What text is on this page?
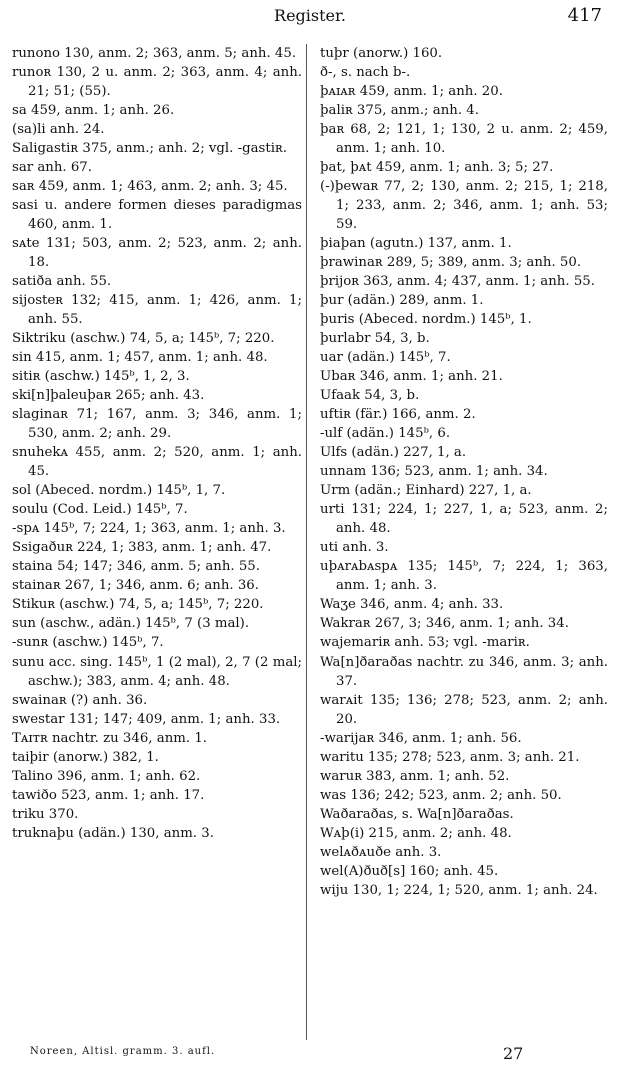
Register.	417
runono 130, anm. 2; 363, anm. 5; anh. 45.
runoʀ 130, 2 u. anm. 2; 363, anm. 4; anh. 21; 51; (55).
sa 459, anm. 1; anh. 26.
(sa)li anh. 24.
Saligastiʀ 375, anm.; anh. 2; vgl. -gastiʀ.
sar anh. 67.
saʀ 459, anm. 1; 463, anm. 2; anh. 3; 45.
sasi u. andere formen dieses paradigmas 460, anm. 1.
sᴀte 131; 503, anm. 2; 523, anm. 2; anh. 18.
satiða anh. 55.
sijosteʀ 132; 415, anm. 1; 426, anm. 1; anh. 55.
Siktriku (aschw.) 74, 5, a; 145ᵇ, 7; 220.
sin 415, anm. 1; 457, anm. 1; anh. 48.
sitiʀ (aschw.) 145ᵇ, 1, 2, 3.
ski[n]þaleuþaʀ 265; anh. 43.
slaginaʀ 71; 167, anm. 3; 346, anm. 1; 530, anm. 2; anh. 29.
snuhekᴀ 455, anm. 2; 520, anm. 1; anh. 45.
sol (Abeced. nordm.) 145ᵇ, 1, 7.
soulu (Cod. Leid.) 145ᵇ, 7.
-spᴀ 145ᵇ, 7; 224, 1; 363, anm. 1; anh. 3.
Ssigaðuʀ 224, 1; 383, anm. 1; anh. 47.
staina 54; 147; 346, anm. 5; anh. 55.
stainaʀ 267, 1; 346, anm. 6; anh. 36.
Stikuʀ (aschw.) 74, 5, a; 145ᵇ, 7; 220.
sun (aschw., adän.) 145ᵇ, 7 (3 mal).
-sunʀ (aschw.) 145ᵇ, 7.
sunu acc. sing. 145ᵇ, 1 (2 mal), 2, 7 (2 mal; aschw.); 383, anm. 4; anh. 48.
swainaʀ (?) anh. 36.
swestar 131; 147; 409, anm. 1; anh. 33.
Tᴀɪᴛʀ nachtr. zu 346, anm. 1.
taiþir (anorw.) 382, 1.
Talino 396, anm. 1; anh. 62.
tawiðo 523, anm. 1; anh. 17.
triku 370.
truknaþu (adän.) 130, anm. 3.
tuþr (anorw.) 160.
ð-, s. nach b-.
þᴀɪᴀʀ 459, anm. 1; anh. 20.
þaliʀ 375, anm.; anh. 4.
þaʀ 68, 2; 121, 1; 130, 2 u. anm. 2; 459, anm. 1; anh. 10.
þat, þᴀt 459, anm. 1; anh. 3; 5; 27.
(-)þewaʀ 77, 2; 130, anm. 2; 215, 1; 218, 1; 233, anm. 2; 346, anm. 1; anh. 53; 59.
þiaþan (agutn.) 137, anm. 1.
þrawinaʀ 289, 5; 389, anm. 3; anh. 50.
þrijoʀ 363, anm. 4; 437, anm. 1; anh. 55.
þur (adän.) 289, anm. 1.
þuris (Abeced. nordm.) 145ᵇ, 1.
þurlabr 54, 3, b.
uar (adän.) 145ᵇ, 7.
Ubaʀ 346, anm. 1; anh. 21.
Ufaak 54, 3, b.
uftiʀ (fär.) 166, anm. 2.
-ulf (adän.) 145ᵇ, 6.
Ulfs (adän.) 227, 1, a.
unnam 136; 523, anm. 1; anh. 34.
Urm (adän.; Einhard) 227, 1, a.
urti 131; 224, 1; 227, 1, a; 523, anm. 2; anh. 48.
uti anh. 3.
uþᴀrᴀbᴀspᴀ 135; 145ᵇ, 7; 224, 1; 363, anm. 1; anh. 3.
Waʒe 346, anm. 4; anh. 33.
Wakraʀ 267, 3; 346, anm. 1; anh. 34.
wajemariʀ anh. 53; vgl. -mariʀ.
Wa[n]ðaraðas nachtr. zu 346, anm. 3; anh. 37.
warᴀit 135; 136; 278; 523, anm. 2; anh. 20.
-warijaʀ 346, anm. 1; anh. 56.
waritu 135; 278; 523, anm. 3; anh. 21.
waruʀ 383, anm. 1; anh. 52.
was 136; 242; 523, anm. 2; anh. 50.
Waðaraðas, s. Wa[n]ðaraðas.
Wᴀþ(i) 215, anm. 2; anh. 48.
welᴀðᴀuðe anh. 3.
wel(A)ðuð[s] 160; anh. 45.
wiju 130, 1; 224, 1; 520, anm. 1; anh. 24.
Noreen, Altisl. gramm. 3. aufl.	27
